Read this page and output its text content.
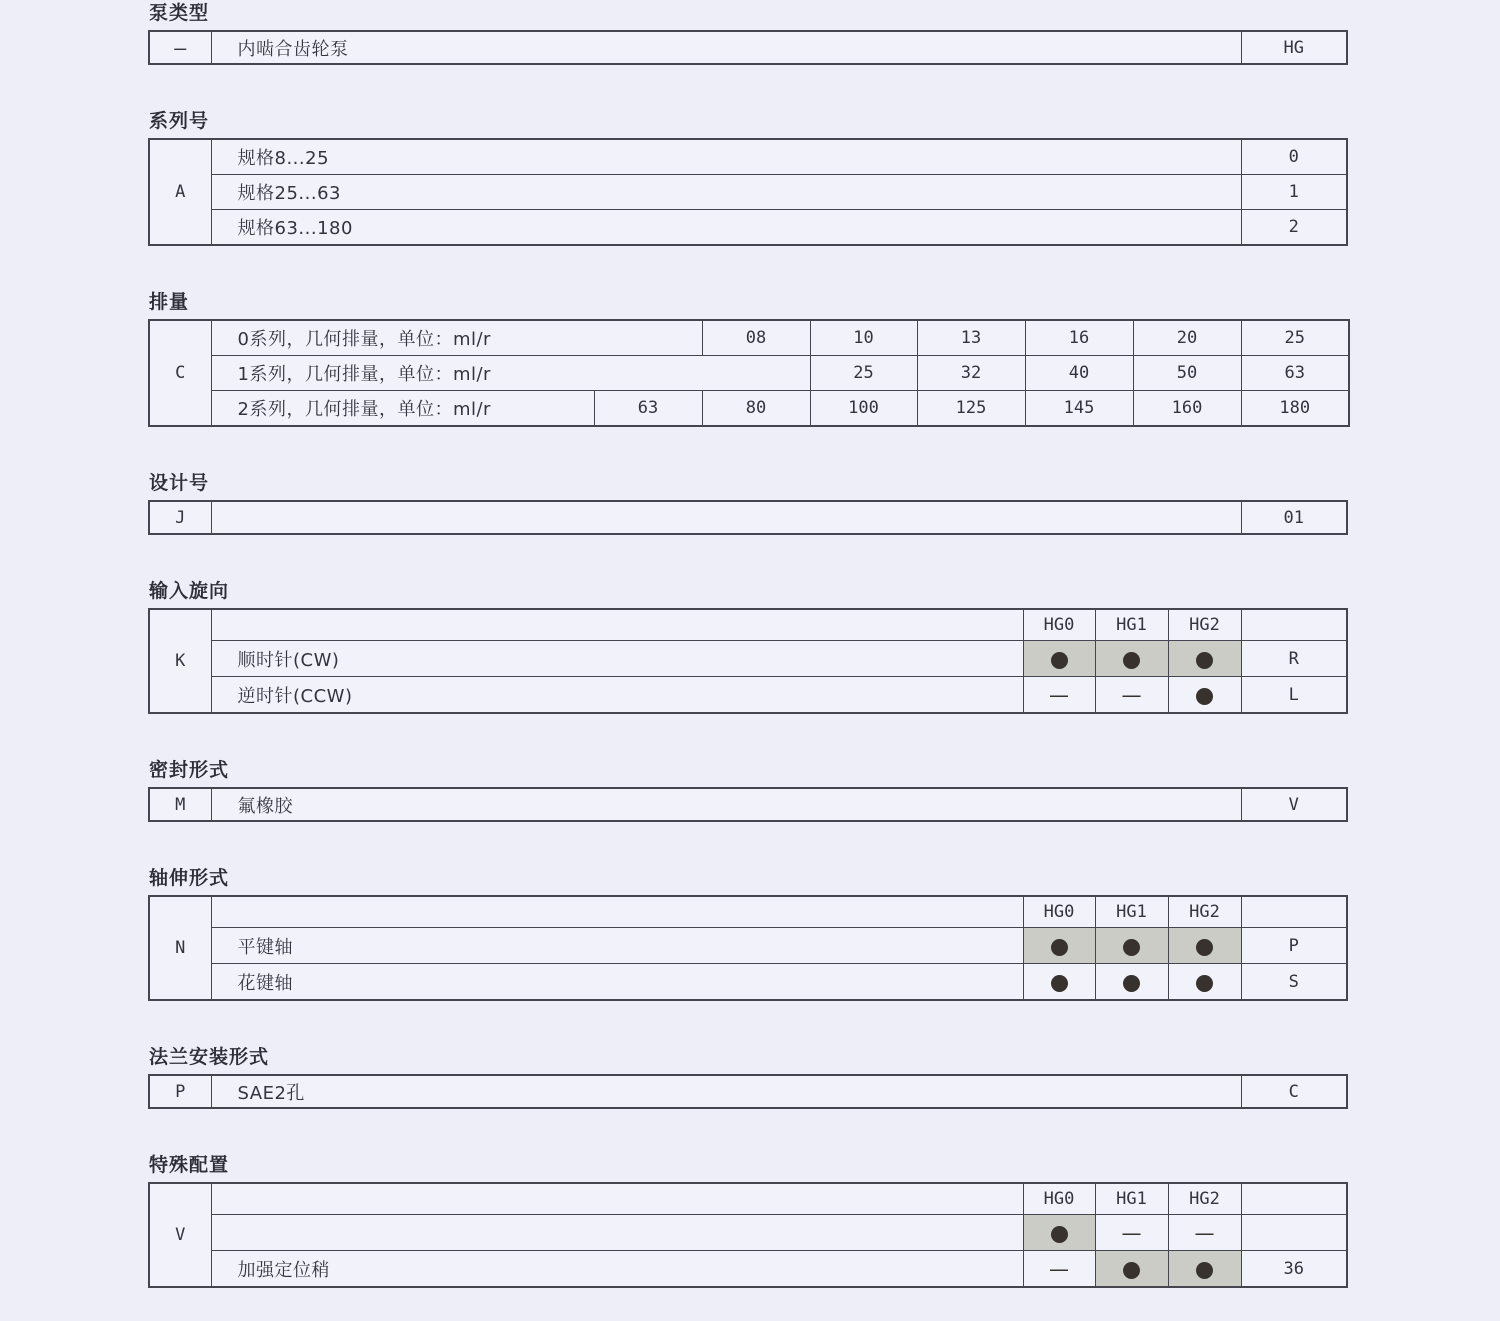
泵类型
—	内啮合齿轮泵	HG
系列号
A	规格8...25	0
	规格25...63	1
	规格63...180	2
排量
C	0系列，几何排量，单位：ml/r		08	10	13	16	20	25
	1系列，几何排量，单位：ml/r			25	32	40	50	63
	2系列，几何排量，单位：ml/r	63	80	100	125	145	160	180
设计号
J		01
输入旋向
K		HG0	HG1	HG2	
	顺时针(CW)				R
	逆时针(CCW)	—	—		L
密封形式
M	氟橡胶	V
轴伸形式
N		HG0	HG1	HG2	
	平键轴				P
	花键轴				S
法兰安装形式
P	SAE2孔	C
特殊配置
V		HG0	HG1	HG2	
			—	—	
	加强定位稍	—			36
